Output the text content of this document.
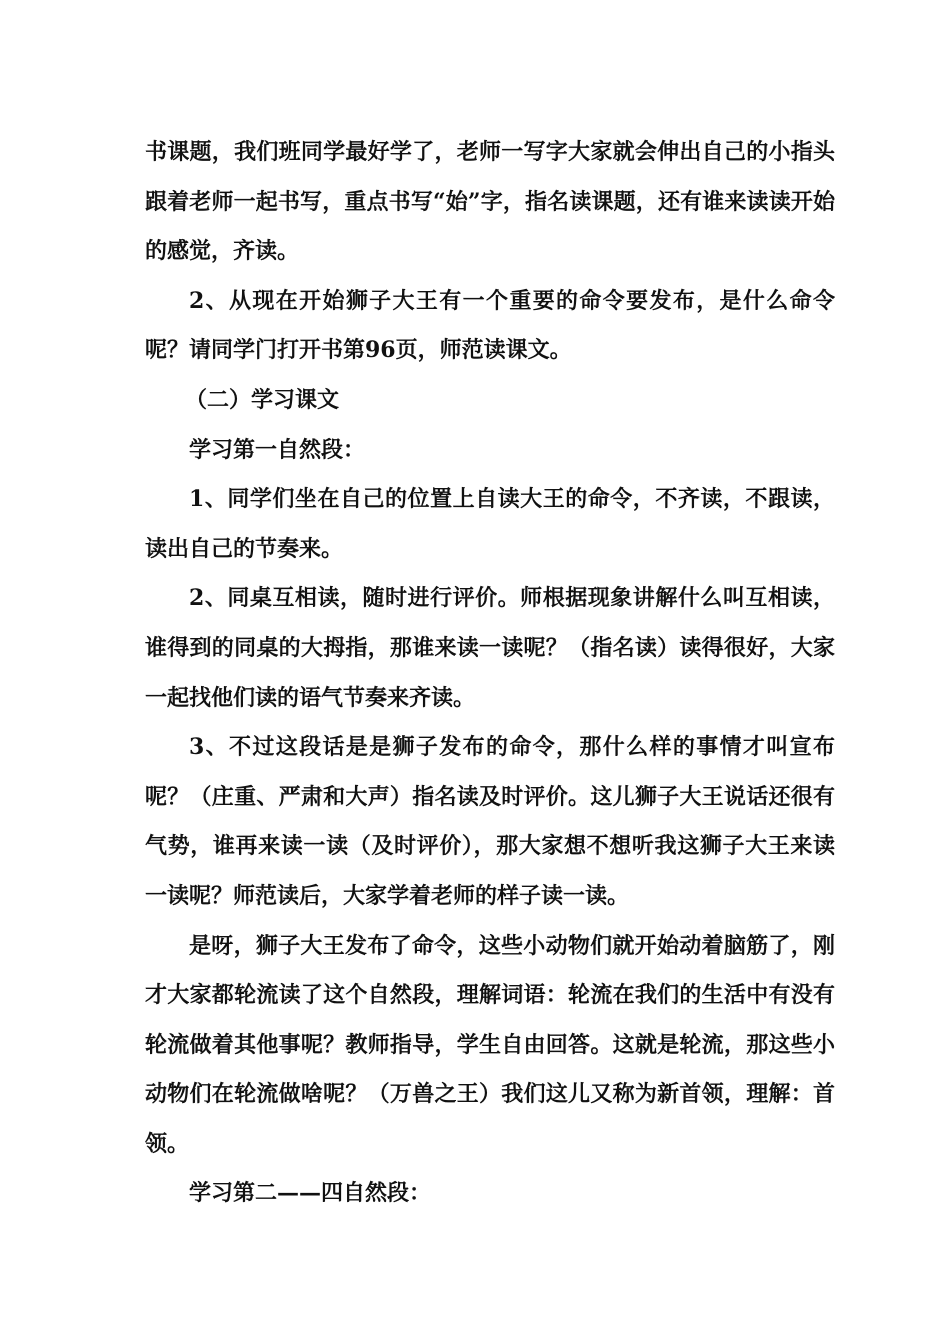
书课题，我们班同学最好学了，老师一写字大家就会伸出自己的小指头跟着老师一起书写，重点书写“始”字，指名读课题，还有谁来读读开始的感觉，齐读。

2、从现在开始狮子大王有一个重要的命令要发布，是什么命令呢？请同学门打开书第96页，师范读课文。

（二）学习课文

学习第一自然段：

1、同学们坐在自己的位置上自读大王的命令，不齐读，不跟读，读出自己的节奏来。

2、同桌互相读，随时进行评价。师根据现象讲解什么叫互相读，谁得到的同桌的大拇指，那谁来读一读呢？（指名读）读得很好，大家一起找他们读的语气节奏来齐读。

3、不过这段话是是狮子发布的命令，那什么样的事情才叫宣布呢？（庄重、严肃和大声）指名读及时评价。这儿狮子大王说话还很有气势，谁再来读一读（及时评价），那大家想不想听我这狮子大王来读一读呢？师范读后，大家学着老师的样子读一读。

是呀，狮子大王发布了命令，这些小动物们就开始动着脑筋了，刚才大家都轮流读了这个自然段，理解词语：轮流在我们的生活中有没有轮流做着其他事呢？教师指导，学生自由回答。这就是轮流，那这些小动物们在轮流做啥呢？（万兽之王）我们这儿又称为新首领，理解：首领。

学习第二——四自然段：
